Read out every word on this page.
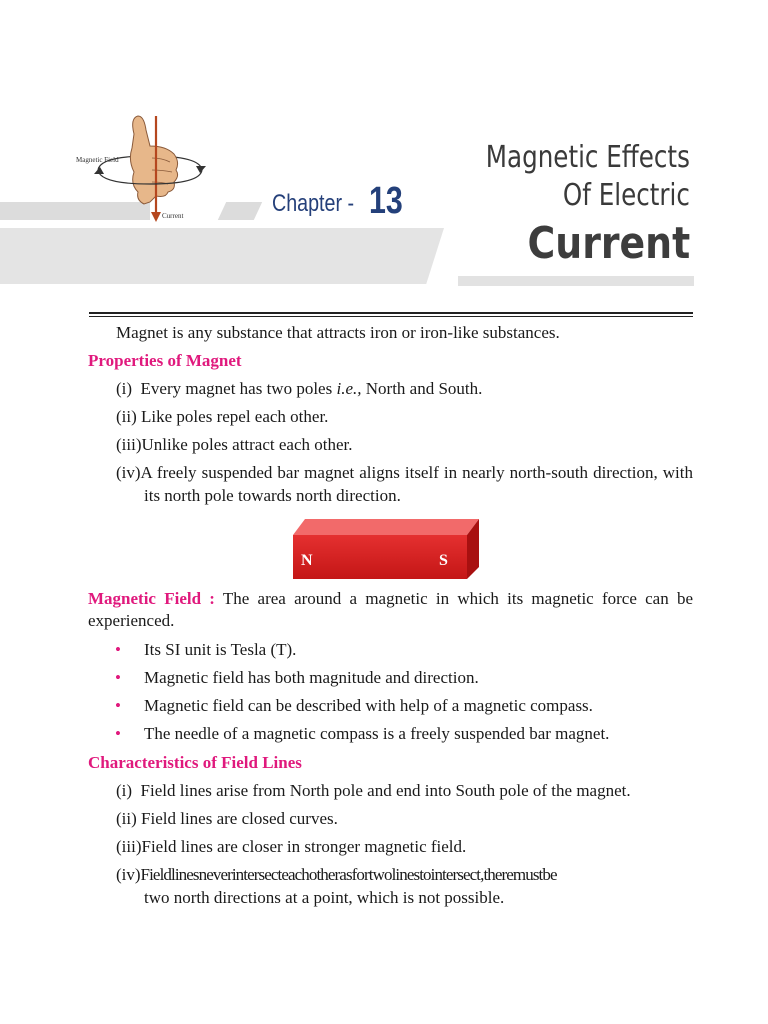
Magnetic Field
Current	Chapter - 13
Magnetic Effects
Of Electric
Current

Magnet is any substance that attracts iron or iron-like substances.

Properties of Magnet

(i) Every magnet has two poles i.e., North and South.

(ii) Like poles repel each other.

(iii)Unlike poles attract each other.

(iv)A freely suspended bar magnet aligns itself in nearly north-south direction, with its north pole towards north direction.

N	S

Magnetic Field : The area around a magnetic in which its magnetic force can be experienced.

• Its SI unit is Tesla (T).

• Magnetic field has both magnitude and direction.

• Magnetic field can be described with help of a magnetic compass.

• The needle of a magnetic compass is a freely suspended bar magnet.

Characteristics of Field Lines

(i) Field lines arise from North pole and end into South pole of the magnet.

(ii) Field lines are closed curves.

(iii)Field lines are closer in stronger magnetic field.

(iv)Fieldlinesneverintersecteachotherasfortwolinestointersect,theremustbe
two north directions at a point, which is not possible.
